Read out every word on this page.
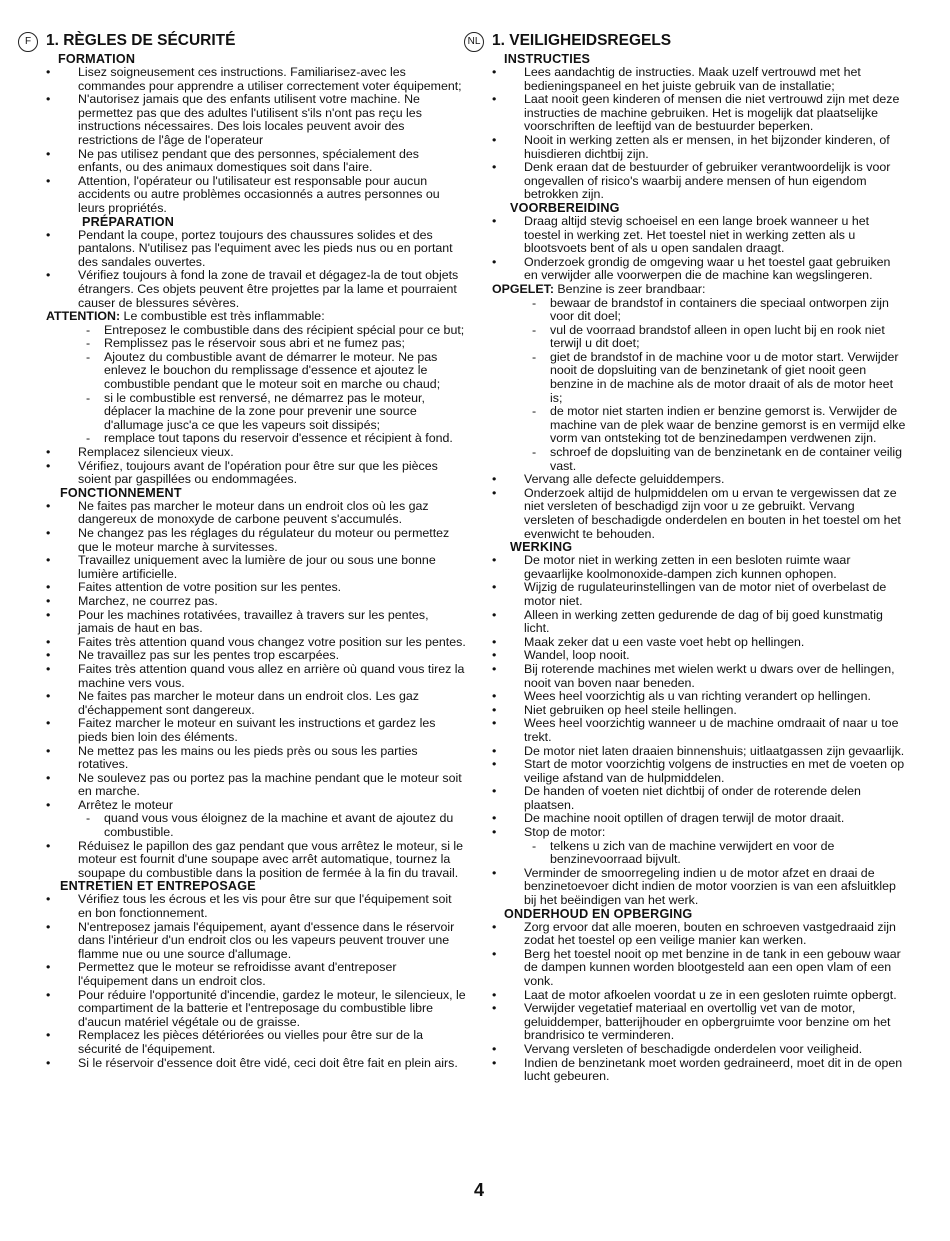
F 1. RÈGLES DE SÉCURITÉ
FORMATION
• Lisez soigneusement ces instructions. Familiarisez-avec les commandes pour apprendre a utiliser correctement voter équipement;
• N'autorisez jamais que des enfants utilisent votre machine. Ne permettez pas que des adultes l'utilisent s'ils n'ont pas reçu les instructions nécessaires. Des lois locales peuvent avoir des restrictions de l'âge de l'operateur
• Ne pas utilisez pendant que des personnes, spécialement des enfants, ou des animaux domestiques soit dans l'aire.
• Attention, l'opérateur ou l'utilisateur est responsable pour aucun accidents ou autre problèmes occasionnés a autres personnes ou leurs propriétés.
PRÉPARATION
• Pendant la coupe, portez toujours des chaussures solides et des pantalons. N'utilisez pas l'equiment avec les pieds nus ou en portant des sandales ouvertes.
• Vérifiez toujours à fond la zone de travail et dégagez-la de tout objets étrangers. Ces objets peuvent être projettes par la lame et pourraient causer de blessures sévères.
ATTENTION: Le combustible est très inflammable:
- Entreposez le combustible dans des récipient spécial pour ce but;
- Remplissez pas le réservoir sous abri et ne fumez pas;
- Ajoutez du combustible avant de démarrer le moteur. Ne pas enlevez le bouchon du remplissage d'essence et ajoutez le combustible pendant que le moteur soit en marche ou chaud;
- si le combustible est renversé, ne démarrez pas le moteur, déplacer la machine de la zone pour prevenir une source d'allumage jusc'a ce que les vapeurs soit dissipés;
- remplace tout tapons du reservoir d'essence et récipient à fond.
• Remplacez silencieux vieux.
• Vérifiez, toujours avant de l'opération pour être sur que les pièces soient par gaspillées ou endommagées.
FONCTIONNEMENT
• Ne faites pas marcher le moteur dans un endroit clos où les gaz dangereux de monoxyde de carbone peuvent s'accumulés.
• Ne changez pas les réglages du régulateur du moteur ou permettez que le moteur marche à survitesses.
• Travaillez uniquement avec la lumière de jour ou sous une bonne lumière artificielle.
• Faites attention de votre position sur les pentes.
• Marchez, ne courrez pas.
• Pour les machines rotativées, travaillez à travers sur les pentes, jamais de haut en bas.
• Faites très attention quand vous changez votre position sur les pentes.
• Ne travaillez pas sur les pentes trop escarpées.
• Faites très attention quand vous allez en arrière où quand vous tirez la machine vers vous.
• Ne faites pas marcher le moteur dans un endroit clos. Les gaz d'échappement sont dangereux.
• Faitez marcher le moteur en suivant les instructions et gardez les pieds bien loin des éléments.
• Ne mettez pas les mains ou les pieds près ou sous les parties rotatives.
• Ne soulevez pas ou portez pas la machine pendant que le moteur soit en marche.
• Arrêtez le moteur
- quand vous vous éloignez de la machine et avant de ajoutez du combustible.
• Réduisez le papillon des gaz pendant que vous arrêtez le moteur, si le moteur est fournit d'une soupape avec arrêt automatique, tournez la soupape du combustible dans la position de fermée à la fin du travail.
ENTRETIEN ET ENTREPOSAGE
• Vérifiez tous les écrous et les vis pour être sur que l'équipement soit en bon fonctionnement.
• N'entreposez jamais l'équipement, ayant d'essence dans le réservoir dans l'intérieur d'un endroit clos ou les vapeurs peuvent trouver une flamme nue ou une source d'allumage.
• Permettez que le moteur se refroidisse avant d'entreposer l'équipement dans un endroit clos.
• Pour réduire l'opportunité d'incendie, gardez le moteur, le silencieux, le compartiment de la batterie et l'entreposage du combustible libre d'aucun matériel végétale ou de graisse.
• Remplacez les pièces détériorées ou vielles pour être sur de la sécurité de l'équipement.
• Si le réservoir d'essence doit être vidé, ceci doit être fait en plein airs.
NL 1. VEILIGHEIDSREGELS
INSTRUCTIES
• Lees aandachtig de instructies. Maak uzelf vertrouwd met het bedieningspaneel en het juiste gebruik van de installatie;
• Laat nooit geen kinderen of mensen die niet vertrouwd zijn met deze instructies de machine gebruiken. Het is mogelijk dat plaatselijke voorschriften de leeftijd van de bestuurder beperken.
• Nooit in werking zetten als er mensen, in het bijzonder kinderen, of huisdieren dichtbij zijn.
• Denk eraan dat de bestuurder of gebruiker verantwoordelijk is voor ongevallen of risico's waarbij andere mensen of hun eigendom betrokken zijn.
VOORBEREIDING
• Draag altijd stevig schoeisel en een lange broek wanneer u het toestel in werking zet. Het toestel niet in werking zetten als u blootsvoets bent of als u open sandalen draagt.
• Onderzoek grondig de omgeving waar u het toestel gaat gebruiken en verwijder alle voorwerpen die de machine kan wegslingeren.
OPGELET: Benzine is zeer brandbaar:
- bewaar de brandstof in containers die speciaal ontworpen zijn voor dit doel;
- vul de voorraad brandstof alleen in open lucht bij en rook niet terwijl u dit doet;
- giet de brandstof in de machine voor u de motor start. Verwijder nooit de dopsluiting van de benzinetank of giet nooit geen benzine in de machine als de motor draait of als de motor heet is;
- de motor niet starten indien er benzine gemorst is. Verwijder de machine van de plek waar de benzine gemorst is en vermijd elke vorm van ontsteking tot de benzinedampen verdwenen zijn.
- schroef de dopsluiting van de benzinetank en de container veilig vast.
• Vervang alle defecte geluiddempers.
• Onderzoek altijd de hulpmiddelen om u ervan te vergewissen dat ze niet versleten of beschadigd zijn voor u ze gebruikt. Vervang versleten of beschadigde onderdelen en bouten in het toestel om het evenwicht te behouden.
WERKING
• De motor niet in werking zetten in een besloten ruimte waar gevaarlijke koolmonoxide-dampen zich kunnen ophopen.
• Wijzig de rugulateurinstellingen van de motor niet of overbelast de motor niet.
• Alleen in werking zetten gedurende de dag of bij goed kunstmatig licht.
• Maak zeker dat u een vaste voet hebt op hellingen.
• Wandel, loop nooit.
• Bij roterende machines met wielen werkt u dwars over de hellingen, nooit van boven naar beneden.
• Wees heel voorzichtig als u van richting verandert op hellingen.
• Niet gebruiken op heel steile hellingen.
• Wees heel voorzichtig wanneer u de machine omdraait of naar u toe trekt.
• De motor niet laten draaien binnenshuis; uitlaatgassen zijn gevaarlijk.
• Start de motor voorzichtig volgens de instructies en met de voeten op veilige afstand van de hulpmiddelen.
• De handen of voeten niet dichtbij of onder de roterende delen plaatsen.
• De machine nooit optillen of dragen terwijl de motor draait.
• Stop de motor:
- telkens u zich van de machine verwijdert en voor de benzinevoorraad bijvult.
• Verminder de smoorregeling indien u de motor afzet en draai de benzinetoevoer dicht indien de motor voorzien is van een afsluitklep bij het beëindigen van het werk.
ONDERHOUD EN OPBERGING
• Zorg ervoor dat alle moeren, bouten en schroeven vastgedraaid zijn zodat het toestel op een veilige manier kan werken.
• Berg het toestel nooit op met benzine in de tank in een gebouw waar de dampen kunnen worden blootgesteld aan een open vlam of een vonk.
• Laat de motor afkoelen voordat u ze in een gesloten ruimte opbergt.
• Verwijder vegetatief materiaal en overtollig vet van de motor, geluiddemper, batterijhouder en opbergruimte voor benzine om het brandrisico te verminderen.
• Vervang versleten of beschadigde onderdelen voor veiligheid.
• Indien de benzinetank moet worden gedraineerd, moet dit in de open lucht gebeuren.
4
